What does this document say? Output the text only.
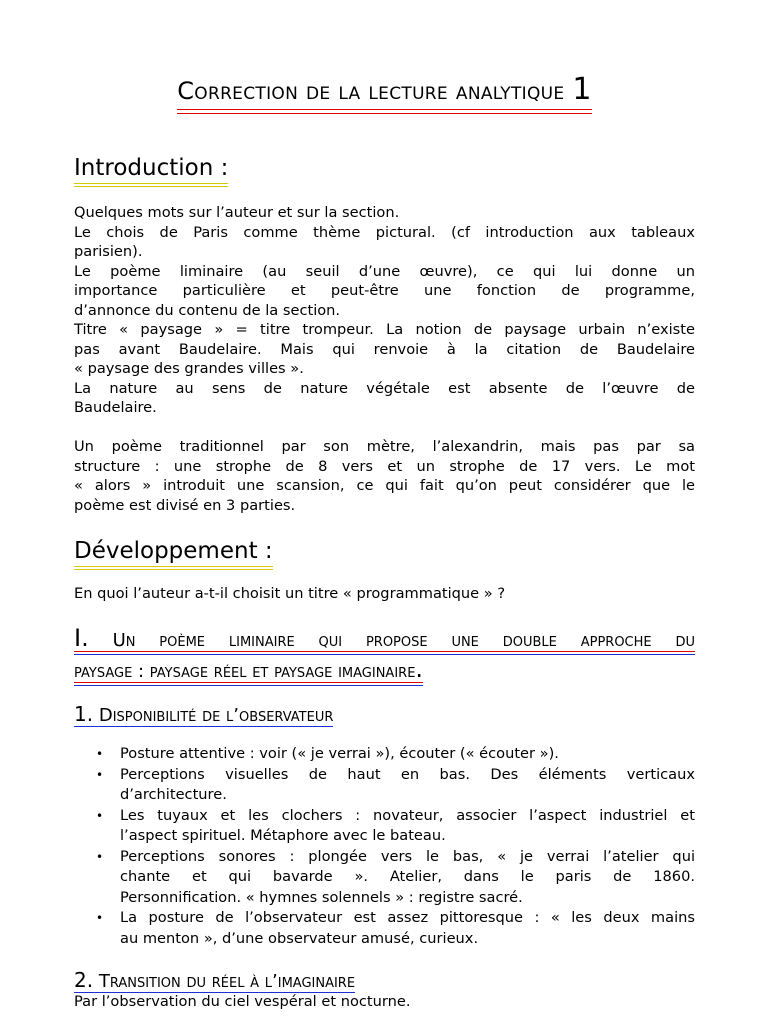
Correction de la lecture analytique 1
Introduction :
Quelques mots sur l’auteur et sur la section.
Le chois de Paris comme thème pictural. (cf introduction aux tableaux
parisien).
Le poème liminaire (au seuil d’une œuvre), ce qui lui donne un
importance particulière et peut-être une fonction de programme,
d’annonce du contenu de la section.
Titre « paysage » = titre trompeur. La notion de paysage urbain n’existe
pas avant Baudelaire. Mais qui renvoie à la citation de Baudelaire
« paysage des grandes villes ».
La nature au sens de nature végétale est absente de l’œuvre de
Baudelaire.
Un poème traditionnel par son mètre, l’alexandrin, mais pas par sa
structure : une strophe de 8 vers et un strophe de 17 vers. Le mot
« alors » introduit une scansion, ce qui fait qu’on peut considérer que le
poème est divisé en 3 parties.
Développement :
En quoi l’auteur a-t-il choisit un titre « programmatique » ?
I. Un poème liminaire qui propose une double approche du
paysage : paysage réel et paysage imaginaire.
1. Disponibilité de l’observateur
• Posture attentive : voir (« je verrai »), écouter (« écouter »).
• Perceptions visuelles de haut en bas. Des éléments verticaux
d’architecture.
• Les tuyaux et les clochers : novateur, associer l’aspect industriel et
l’aspect spirituel. Métaphore avec le bateau.
• Perceptions sonores : plongée vers le bas, « je verrai l’atelier qui
chante et qui bavarde ». Atelier, dans le paris de 1860.
Personnification. « hymnes solennels » : registre sacré.
• La posture de l’observateur est assez pittoresque : « les deux mains
au menton », d’une observateur amusé, curieux.
2. Transition du réel à l’imaginaire
Par l’observation du ciel vespéral et nocturne.
